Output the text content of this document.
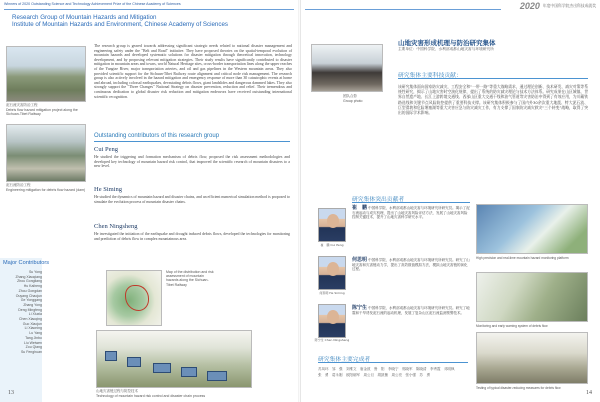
Winners of 2020 Outstanding Science and Technology Achievement Prize of the Chinese Academy of Sciences
Research Group of Mountain Hazards and Mitigation
Institute of Mountain Hazards and Environment, Chinese Academy of Sciences
泥石流灾害防治工程
Debris flow hazard mitigation project along the Sichuan-Tibet Railway
泥石流防治工程
Engineering mitigation for debris flow hazard (dam)
The research group is geared towards addressing significant strategic needs related to national disaster management and engineering safety under the "Belt and Road" initiative. They have proposed theories on the spatial-temporal evolution of mountain hazards and developed systematic solutions for disaster mitigation through theoretical innovation, technology development, and by proposing relevant mitigation strategies. Their study results have significantly contributed to disaster mitigation in mountain areas and towns, world Natural Heritage sites, cross-border transportation lines along the upper reaches of the Yangtze River, major transportation arteries, and oil and gas pipelines in the Western mountain areas. They also provided scientific support for the Sichuan-Tibet Railway route alignment and critical node risk management. The research group is also actively involved in the hazard mitigation and emergency response of more than 30 catastrophic events at home and abroad, including colossal earthquakes, devastating debris flows, giant landslides and dangerous dammed lakes. They also strongly support the "Three Changes" National Strategy on disaster prevention, reduction and relief. Their tremendous and continuous dedication to global disaster risk reduction and mitigation endeavors have received outstanding international scientific recognition.
Outstanding contributors of this research group
Cui Peng
He studied the triggering and formation mechanism of debris flow, proposed the risk assessment methodologies and developed key technology of mountain hazard risk control, that improved the scientific research of mountain disasters to a new level.
He Siming
He studied the dynamics of mountain hazard and disaster chains, and an efficient numerical simulation method is proposed to simulate the evolution process of mountain disaster chains.
Chen Ningsheng
He investigated the initiation of the earthquake and drought induced debris flows, developed the technologies for monitoring and prediction of debris flow in complex mountainous area.
Major Contributors
Su Yong
Zhang Xiaoqiang
Zhou Gongliang
Hu Kaiheng
Zhou Gongdan
Ouyang Chaojun
Ge Yonggang
Zhang Yong
Deng Mingfeng
Li Xiuxia
Chen Xiaoqing
Guo Xiaojun
Li Xiaoning
Lu Yang
Tang Jinbo
Liu Weiwen
Zou Qiang
Su Fenghuan
Map of the distribution and risk assessment of mountain hazards along the Sichuan-Tibet Railway
山地灾害链过程与防控技术
Technology of mountain hazard risk control and disaster chain process
13
2020 年度中国科学院杰出科技成就奖
团队合影
Group photo
山地灾害形成机理与防治研究集体
主要单位：中国科学院、水利部成都山地灾害与环境研究所
研究集体主要科技贡献：
该研究集体面向国家防灾减灾，工程安全和“一带一路”等重大战略需求，通过理论创新、技术研发、减灾对策等系统性研究，揭示了山地灾害时空演化规律，提出了系统的防灾减灾理论与技术方法体系。研究成果在山区城镇、世界自然遗产地、长江上游跨境交通线、西部山区重大交通干线和油气管道等灾害防治中得到了有效应用，为川藏铁路选线和关键节点风险防控提供了重要科技支撑。该研究集体积极参与了国内外30余次重大地震、特大泥石流、巨型滑坡和危险堰塞湖等重大灾害应急与防灾减灾工作，有力支撑了国家防灾减灾救灾“三个转变”战略，取得了突出的国际学术影响。
研究集体突出贡献者
崔　鹏 Cui Peng
崔　鹏 中国科学院、水利部成都山地灾害与环境研究所研究员。揭示了泥石流起动与成灾机理，提出了山地灾害风险评估方法，发展了山地灾害风险控制关键技术，提升了山地灾害科学研究水平。
何思明 He Siming
何思明 中国科学院、水利部成都山地灾害与环境研究所研究员。研究了山地灾害和灾害链动力学，提出了高效数值模拟方法，模拟山地灾害链的演化过程。
陈宁生 Chen Ningsheng
陈宁生 中国科学院、水利部成都山地灾害与环境研究所研究员。研究了地震和干旱诱发泥石流的起动机理，发展了复杂山区泥石流监测预警技术。
研究集体主要完成者
苏凤环　邹　强　刘维文　唐金波　鲁　阳　李晓宁　郭晓军　陈晓清　李秀霞　邓明枫　张　勇　葛永刚　欧阳朝军　周公旦　胡凯衡　周公亮　张小强　苏　勇
High precision and real-time mountain hazard monitoring platform
Monitoring and early warning system of debris flow
Testing of typical disaster-reducing measures for debris flow
14
